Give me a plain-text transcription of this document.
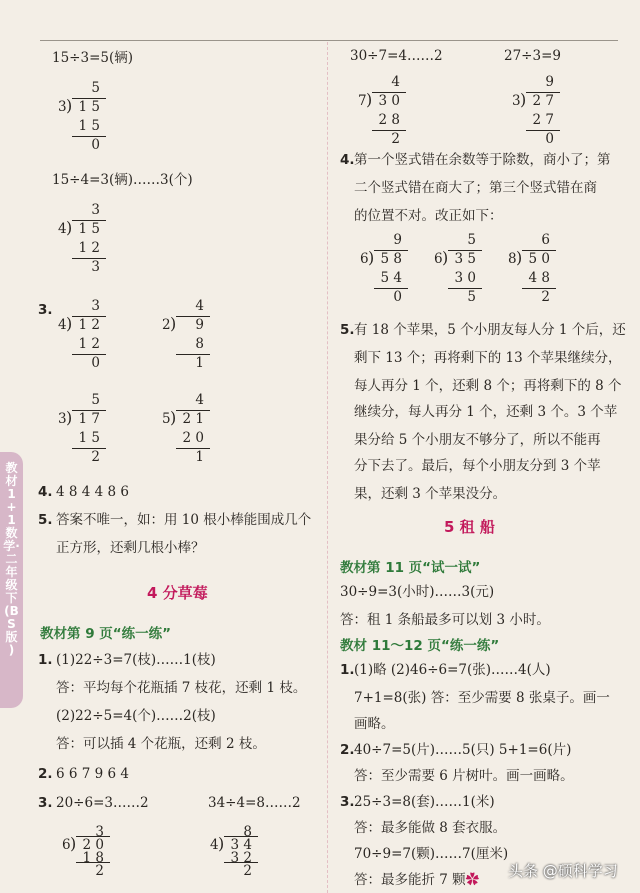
教材1+1 数学·二年级下(BS版)
15÷3=5(辆)
15÷4=3(辆)……3(个)
3.
4. 4 8 4 4 8 6
5. 答案不唯一，如：用 10 根小棒能围成几个
正方形，还剩几根小棒？
4 分草莓
教材第 9 页“练一练”
1. (1)22÷3=7(枝)……1(枝)
答：平均每个花瓶插 7 枝花，还剩 1 枝。
(2)22÷5=4(个)……2(枝)
答：可以插 4 个花瓶，还剩 2 枝。
2. 6 6 7 9 6 4
3. 20÷6=3……2	34÷4=8……2
30÷7=4……2	27÷3=9
4. 第一个竖式错在余数等于除数，商小了；第
二个竖式错在商大了；第三个竖式错在商
的位置不对。改正如下：
5. 有 18 个苹果，5 个小朋友每人分 1 个后，还
剩下 13 个；再将剩下的 13 个苹果继续分，
每人再分 1 个，还剩 8 个；再将剩下的 8 个
继续分，每人再分 1 个，还剩 3 个。3 个苹
果分给 5 个小朋友不够分了，所以不能再
分下去了。最后，每个小朋友分到 3 个苹
果，还剩 3 个苹果没分。
5 租 船
教材第 11 页“试一试”
30÷9=3(小时)……3(元)
答：租 1 条船最多可以划 3 小时。
教材 11～12 页“练一练”
1. (1)略 (2)46÷6=7(张)……4(人)
7+1=8(张) 答：至少需要 8 张桌子。画一
画略。
2. 40÷7=5(片)……5(只) 5+1=6(片)
答：至少需要 6 片树叶。画一画略。
3. 25÷3=8(套)……1(米)
答：最多能做 8 套衣服。
70÷9=7(颗)……7(厘米)
答：最多能折 7 颗✿ 头条 @硕科学习
5
3 ) 1 5
1 5
0
3
4 ) 1 5
1 2
3
3
4 ) 1 2
1 2
0
4
2 )	9
8
1
5
3 ) 1 7
1 5
2
4
5 ) 2 1
2 0
1
3
6 ) 2 0
1 8
2
8
4 ) 3 4
3 2
2
4
7 ) 3 0
2 8
2
9
3 ) 2 7
2 7
0
9
6 ) 5 8
5 4
0
5
6 ) 3 5
3 0
5
6
8 ) 5 0
4 8
2
